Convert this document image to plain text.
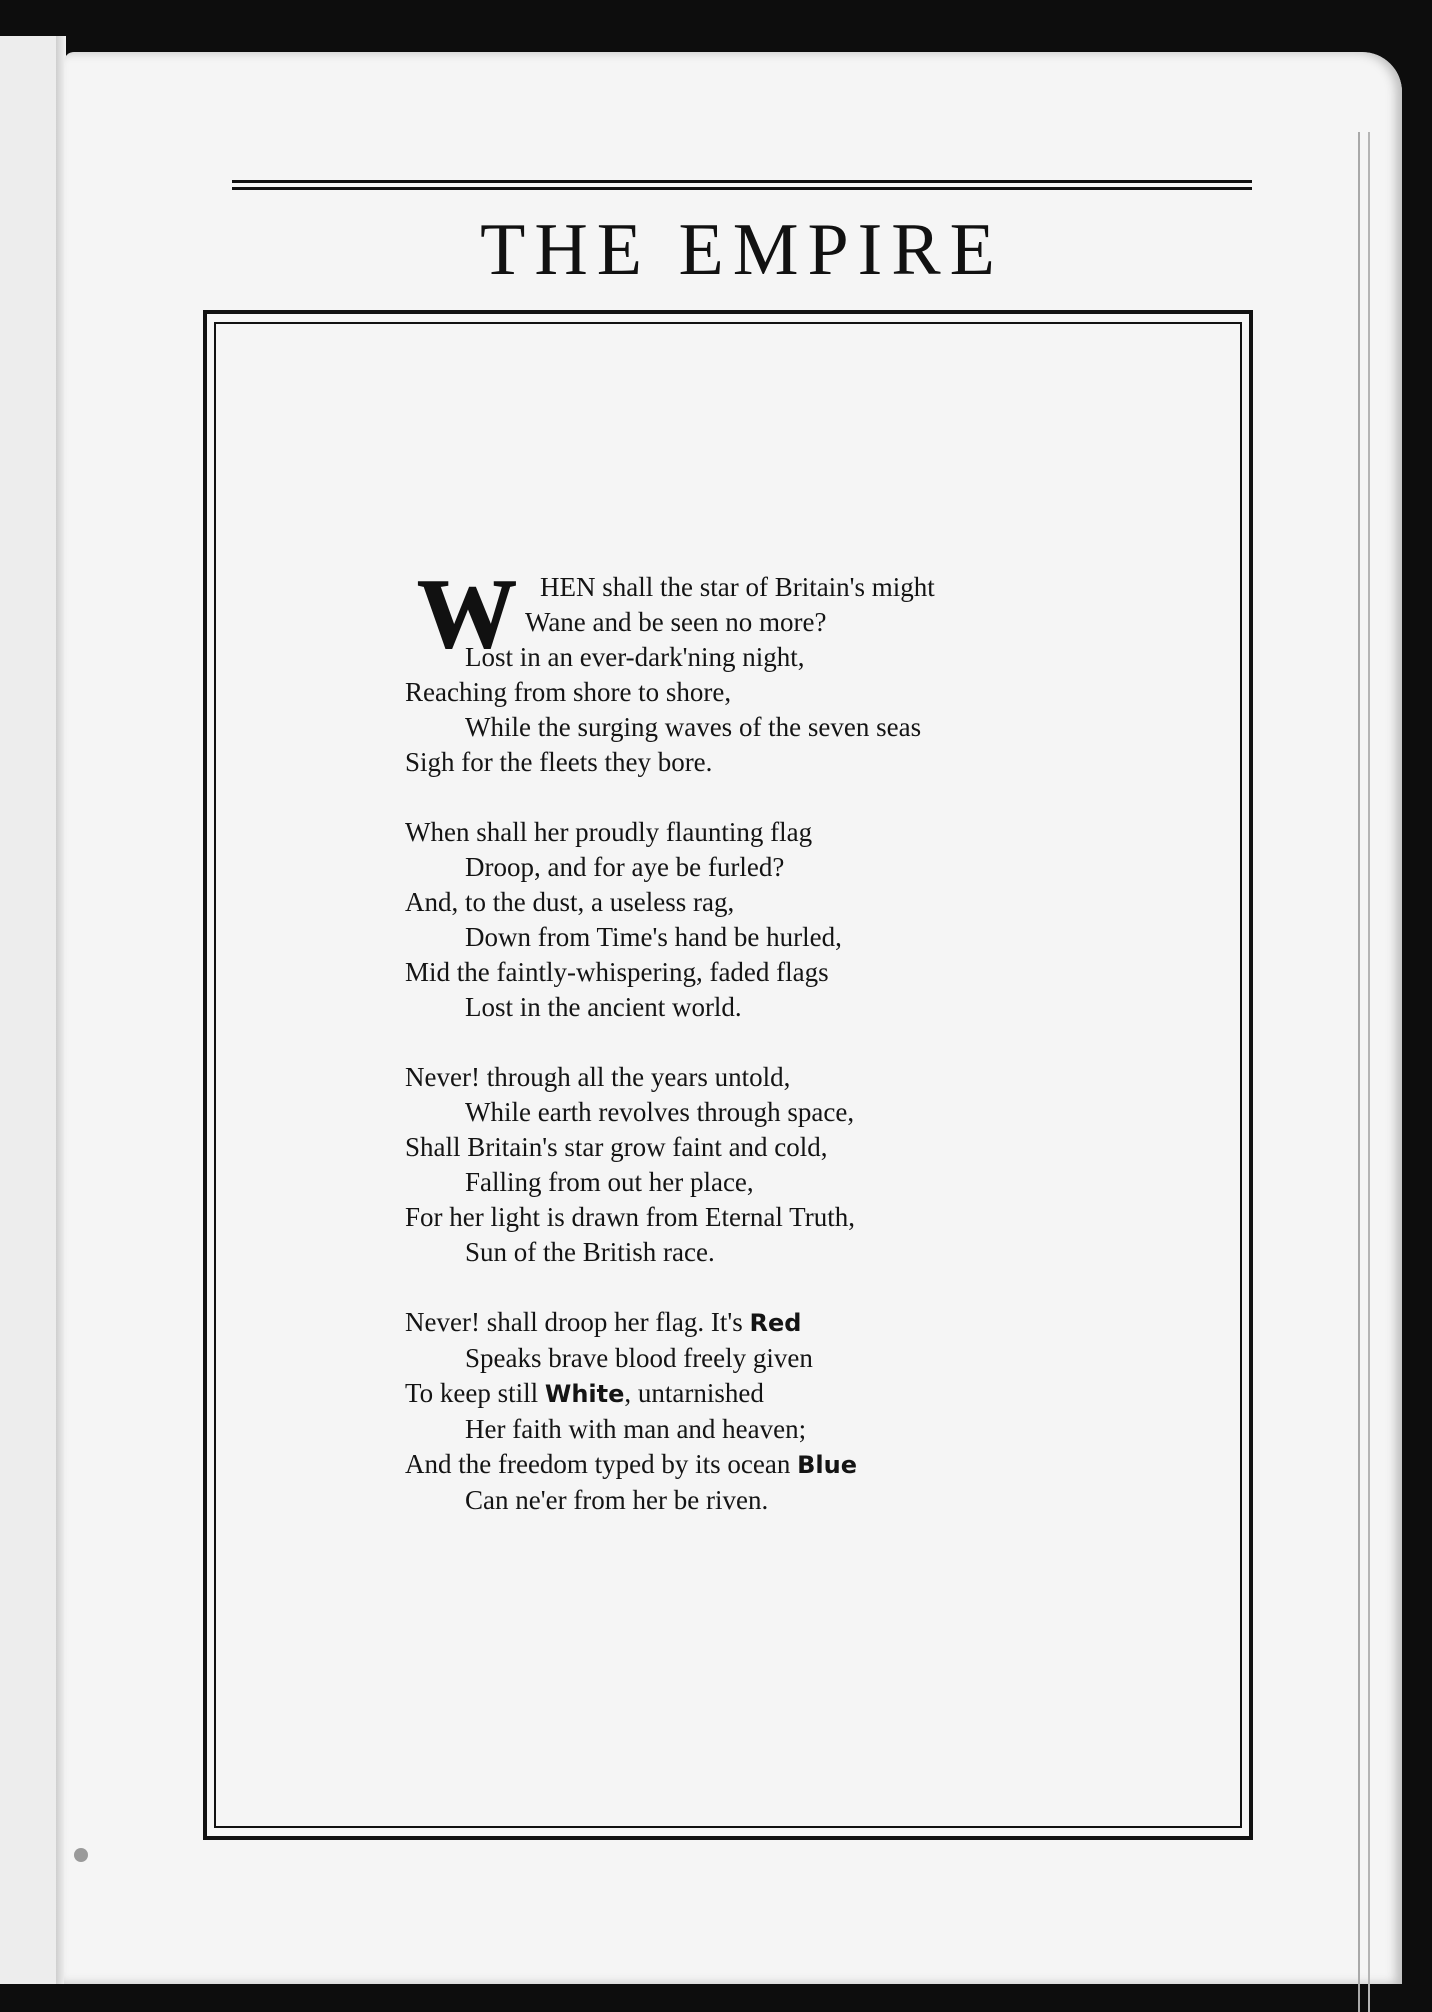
THE EMPIRE
W HEN shall the star of Britain's might
Wane and be seen no more?
Lost in an ever-dark'ning night,
Reaching from shore to shore,
While the surging waves of the seven seas
Sigh for the fleets they bore.
When shall her proudly flaunting flag
Droop, and for aye be furled?
And, to the dust, a useless rag,
Down from Time's hand be hurled,
Mid the faintly-whispering, faded flags
Lost in the ancient world.
Never! through all the years untold,
While earth revolves through space,
Shall Britain's star grow faint and cold,
Falling from out her place,
For her light is drawn from Eternal Truth,
Sun of the British race.
Never! shall droop her flag. It's Red
Speaks brave blood freely given
To keep still White, untarnished
Her faith with man and heaven;
And the freedom typed by its ocean Blue
Can ne'er from her be riven.
